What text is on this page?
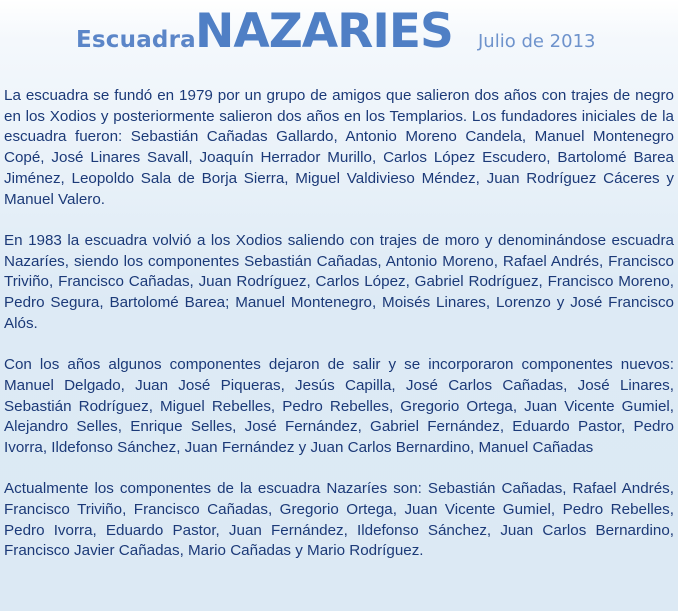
Escuadra NAZARIES Julio de 2013

La escuadra se fundó en 1979 por un grupo de amigos que salieron dos años con trajes de negro en los Xodios y posteriormente salieron dos años en los Templarios. Los fundadores iniciales de la escuadra fueron: Sebastián Cañadas Gallardo, Antonio Moreno Candela, Manuel Montenegro Copé, José Linares Savall, Joaquín Herrador Murillo, Carlos López Escudero, Bartolomé Barea Jiménez, Leopoldo Sala de Borja Sierra, Miguel Valdivieso Méndez, Juan Rodríguez Cáceres y Manuel Valero.

En 1983 la escuadra volvió a los Xodios saliendo con trajes de moro y denominándose escuadra Nazaríes, siendo los componentes Sebastián Cañadas, Antonio Moreno, Rafael Andrés, Francisco Triviño, Francisco Cañadas, Juan Rodríguez, Carlos López, Gabriel Rodríguez, Francisco Moreno, Pedro Segura, Bartolomé Barea; Manuel Montenegro, Moisés Linares, Lorenzo y José Francisco Alós.

Con los años algunos componentes dejaron de salir y se incorporaron componentes nuevos: Manuel Delgado, Juan José Piqueras, Jesús Capilla, José Carlos Cañadas, José Linares, Sebastián Rodríguez, Miguel Rebelles, Pedro Rebelles, Gregorio Ortega, Juan Vicente Gumiel, Alejandro Selles, Enrique Selles, José Fernández, Gabriel Fernández, Eduardo Pastor, Pedro Ivorra, Ildefonso Sánchez, Juan Fernández y Juan Carlos Bernardino, Manuel Cañadas

Actualmente los componentes de la escuadra Nazaríes son: Sebastián Cañadas, Rafael Andrés, Francisco Triviño, Francisco Cañadas, Gregorio Ortega, Juan Vicente Gumiel, Pedro Rebelles, Pedro Ivorra, Eduardo Pastor, Juan Fernández, Ildefonso Sánchez, Juan Carlos Bernardino, Francisco Javier Cañadas, Mario Cañadas y Mario Rodríguez.
